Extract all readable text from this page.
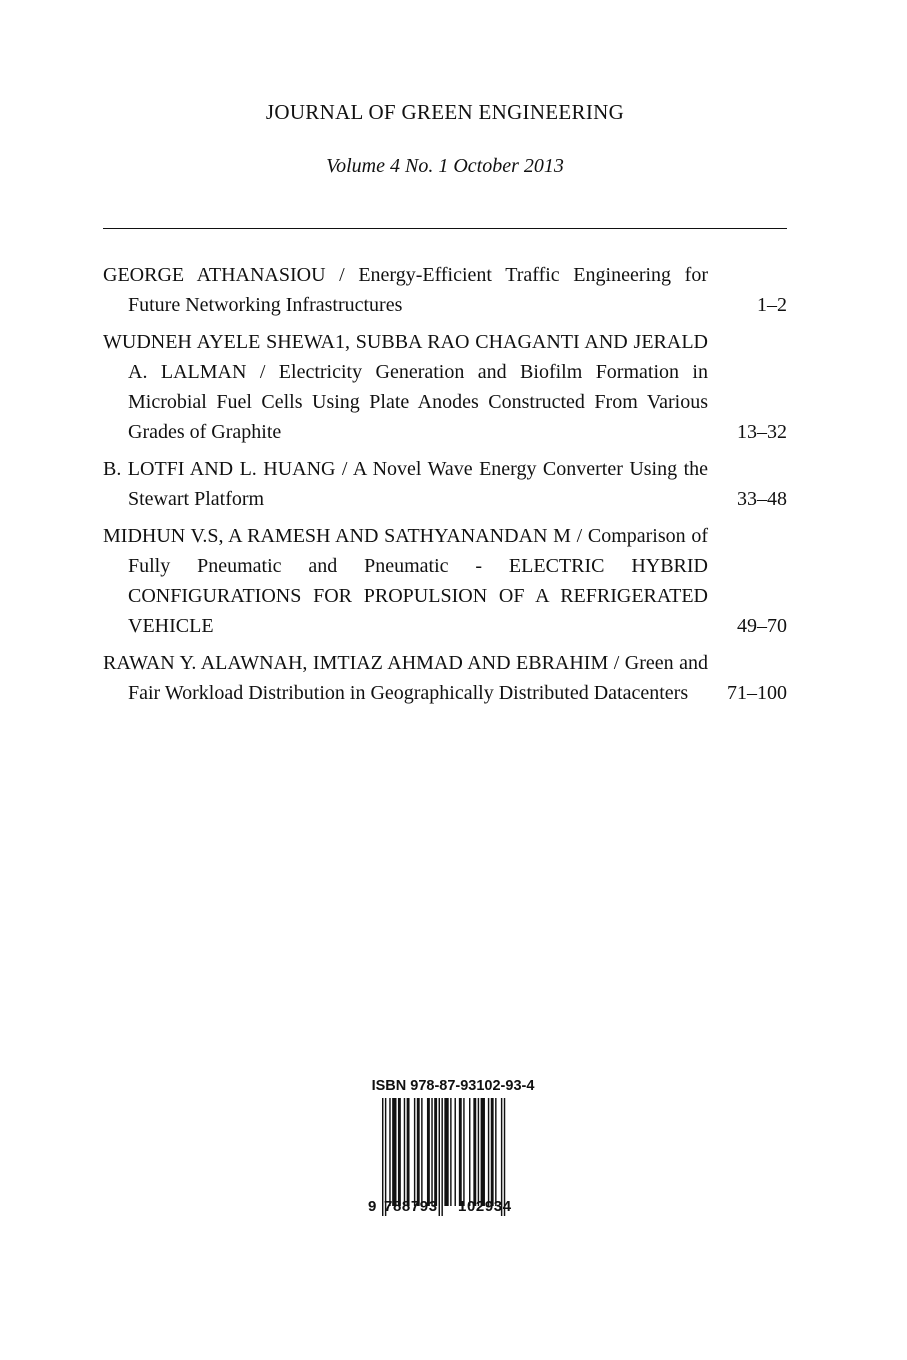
JOURNAL OF GREEN ENGINEERING
Volume 4 No. 1 October 2013
GEORGE ATHANASIOU / Energy-Efficient Traffic Engineering for Future Networking Infrastructures	1–2
WUDNEH AYELE SHEWA1, SUBBA RAO CHAGANTI AND JERALD A. LALMAN / Electricity Generation and Biofilm Formation in Microbial Fuel Cells Using Plate Anodes Constructed From Various Grades of Graphite	13–32
B. LOTFI AND L. HUANG / A Novel Wave Energy Converter Using the Stewart Platform	33–48
MIDHUN V.S, A RAMESH AND SATHYANANDAN M / Comparison of Fully Pneumatic and Pneumatic - ELECTRIC HYBRID CONFIGURATIONS FOR PROPULSION OF A REFRIGERATED VEHICLE	49–70
RAWAN Y. ALAWNAH, IMTIAZ AHMAD AND EBRAHIM / Green and Fair Workload Distribution in Geographically Distributed Datacenters	71–100
ISBN 978-87-93102-93-4
9 788793 102934
